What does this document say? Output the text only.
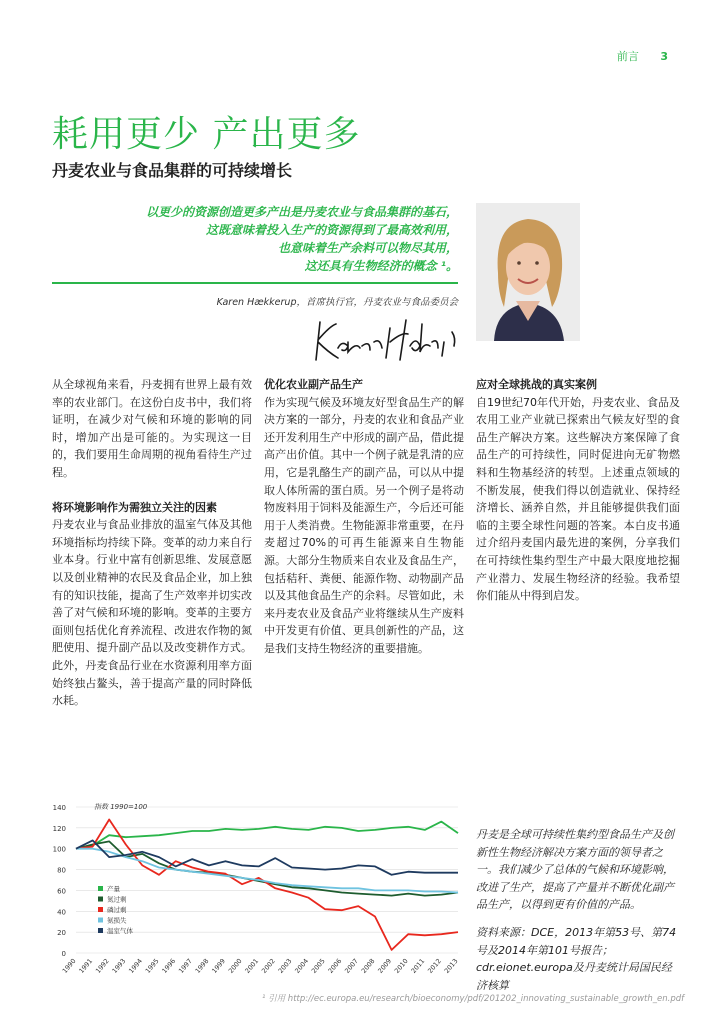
前言 3
耗用更少 产出更多
丹麦农业与食品集群的可持续增长
以更少的资源创造更多产出是丹麦农业与食品集群的基石，
这既意味着投入生产的资源得到了最高效利用，
也意味着生产余料可以物尽其用，
这还具有生物经济的概念 ¹。
Karen Hækkerup，首席执行官，丹麦农业与食品委员会

从全球视角来看，丹麦拥有世界上最有效率的农业部门。在这份白皮书中，我们将证明，在减少对气候和环境的影响的同时，增加产出是可能的。为实现这一目的，我们要用生命周期的视角看待生产过程。

将环境影响作为需独立关注的因素

丹麦农业与食品业排放的温室气体及其他环境指标均持续下降。变革的动力来自行业本身。行业中富有创新思维、发展意愿以及创业精神的农民及食品企业，加上独有的知识技能，提高了生产效率并切实改善了对气候和环境的影响。变革的主要方面则包括优化育养流程、改进农作物的氮肥使用、提升副产品以及改变耕作方式。此外，丹麦食品行业在水资源利用率方面始终独占鳌头，善于提高产量的同时降低水耗。

优化农业副产品生产

作为实现气候及环境友好型食品生产的解决方案的一部分，丹麦的农业和食品产业还开发利用生产中形成的副产品，借此提高产出价值。其中一个例子就是乳清的应用，它是乳酪生产的副产品，可以从中提取人体所需的蛋白质。另一个例子是将动物废料用于饲料及能源生产，今后还可能用于人类消费。生物能源非常重要，在丹麦超过70%的可再生能源来自生物能源。大部分生物质来自农业及食品生产，包括秸秆、粪便、能源作物、动物副产品以及其他食品生产的余料。尽管如此，未来丹麦农业及食品产业将继续从生产废料中开发更有价值、更具创新性的产品，这是我们支持生物经济的重要措施。

应对全球挑战的真实案例

自19世纪70年代开始，丹麦农业、食品及农用工业产业就已探索出气候友好型的食品生产解决方案。这些解决方案保障了食品生产的可持续性，同时促进向无矿物燃料和生物基经济的转型。上述重点领域的不断发展，使我们得以创造就业、保持经济增长、涵养自然，并且能够提供我们面临的主要全球性问题的答案。本白皮书通过介绍丹麦国内最先进的案例，分享我们在可持续性集约型生产中最大限度地挖掘产业潜力、发展生物经济的经验。我希望你们能从中得到启发。

0
20
40
60
80
100
120
140
1990 1991 1992 1993 1994 1995 1996 1997 1998 1999 2000 2001 2002 2003 2004 2005 2006 2007 2008 2009 2010 2011 2012 2013
指数 1990=100
产量
氮过剩
磷过剩
氨损失
温室气体
丹麦是全球可持续性集约型食品生产及创新性生物经济解决方案方面的领导者之一。我们减少了总体的气候和环境影响，改进了生产，提高了产量并不断优化副产品生产，以得到更有价值的产品。
资料来源：DCE，2013年第53号、第74号及2014年第101号报告；cdr.eionet.europa及丹麦统计局国民经济核算
¹ 引用 http://ec.europa.eu/research/bioeconomy/pdf/201202_innovating_sustainable_growth_en.pdf
